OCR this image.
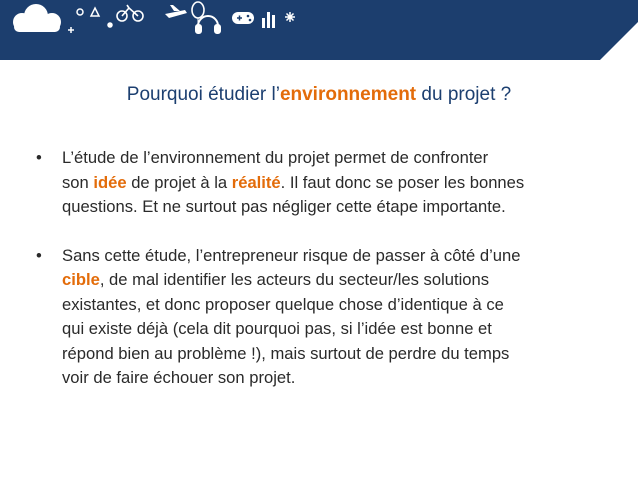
Pourquoi étudier l’environnement du projet ?
• L’étude de l’environnement du projet permet de confronter
son idée de projet à la réalité. Il faut donc se poser les bonnes
questions. Et ne surtout pas négliger cette étape importante.
• Sans cette étude, l’entrepreneur risque de passer à côté d’une
cible, de mal identifier les acteurs du secteur/les solutions
existantes, et donc proposer quelque chose d’identique à ce
qui existe déjà (cela dit pourquoi pas, si l’idée est bonne et
répond bien au problème !), mais surtout de perdre du temps
voir de faire échouer son projet.
